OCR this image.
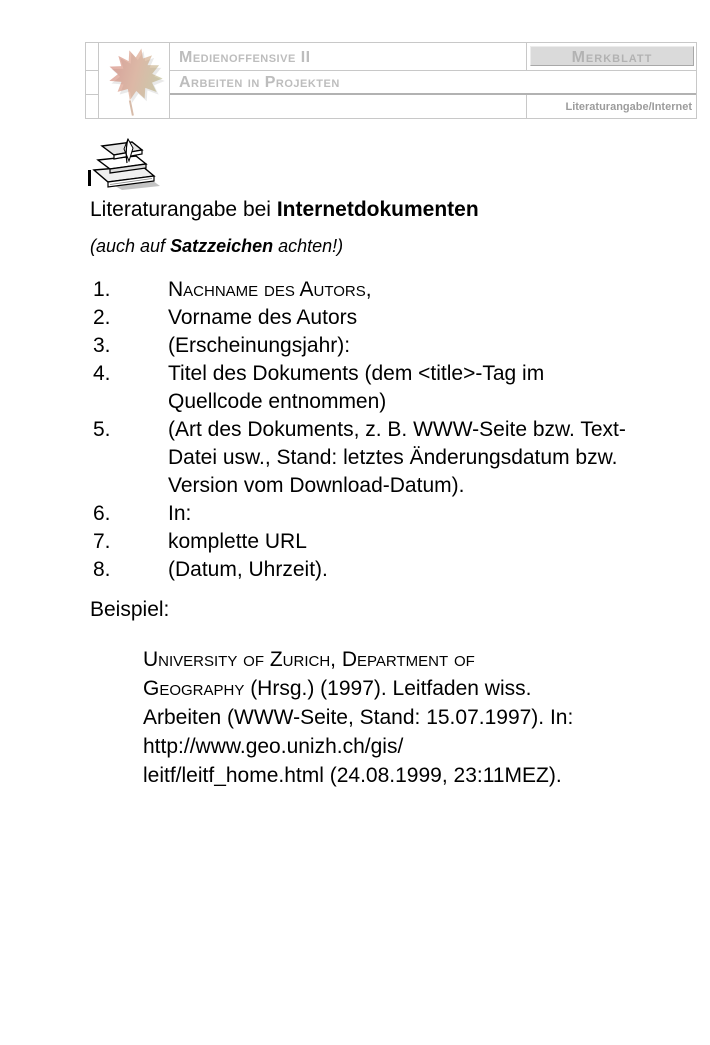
Medienoffensive II
Arbeiten in Projekten
Merkblatt
Literaturangabe/Internet
Literaturangabe bei Internetdokumenten
(auch auf Satzzeichen achten!)
1.	Nachname des Autors,
2.	Vorname des Autors
3.	(Erscheinungsjahr):
4.	Titel des Dokuments (dem <title>-Tag im
Quellcode entnommen)
5.	(Art des Dokuments, z. B. WWW-Seite bzw. Text-
Datei usw., Stand: letztes Änderungsdatum bzw.
Version vom Download-Datum).
6.	In:
7.	komplette URL
8.	(Datum, Uhrzeit).
Beispiel:
University of Zurich, Department of
Geography (Hrsg.) (1997). Leitfaden wiss.
Arbeiten (WWW-Seite, Stand: 15.07.1997). In:
http://www.geo.unizh.ch/gis/
leitf/leitf_home.html (24.08.1999, 23:11MEZ).
